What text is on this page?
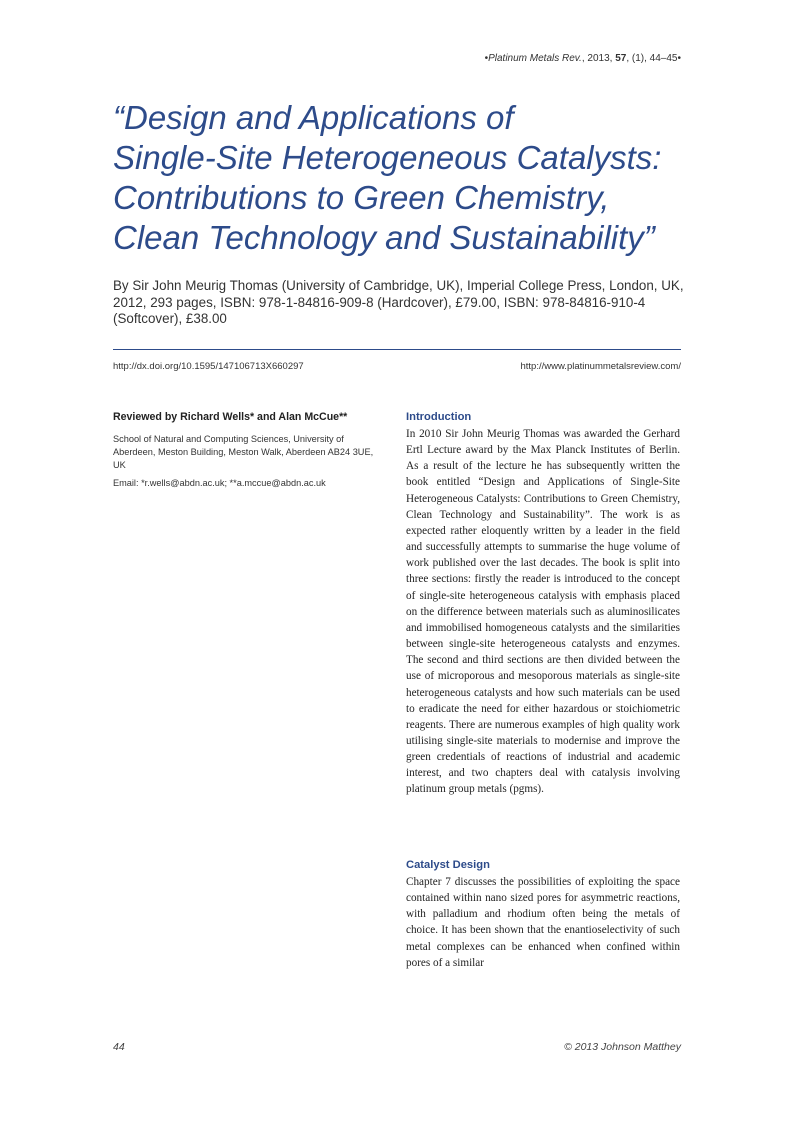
•Platinum Metals Rev., 2013, 57, (1), 44–45•
“Design and Applications of
Single-Site Heterogeneous Catalysts:
Contributions to Green Chemistry,
Clean Technology and Sustainability”

By Sir John Meurig Thomas (University of Cambridge, UK), Imperial College Press, London, UK, 2012, 293 pages, ISBN: 978-1-84816-909-8 (Hardcover), £79.00, ISBN: 978-84816-910-4 (Softcover), £38.00

http://dx.doi.org/10.1595/147106713X660297	http://www.platinummetalsreview.com/
Reviewed by Richard Wells* and Alan McCue**

School of Natural and Computing Sciences, University of Aberdeen, Meston Building, Meston Walk, Aberdeen AB24 3UE, UK

Email: *r.wells@abdn.ac.uk; **a.mccue@abdn.ac.uk

Introduction

In 2010 Sir John Meurig Thomas was awarded the Gerhard Ertl Lecture award by the Max Planck Institutes of Berlin. As a result of the lecture he has subsequently written the book entitled “Design and Applications of Single-Site Heterogeneous Catalysts: Contributions to Green Chemistry, Clean Technology and Sustainability”. The work is as expected rather eloquently written by a leader in the field and successfully attempts to summarise the huge volume of work published over the last decades. The book is split into three sections: firstly the reader is introduced to the concept of single-site heterogeneous catalysis with emphasis placed on the difference between materials such as aluminosilicates and immobilised homogeneous catalysts and the similarities between single-site heterogeneous catalysts and enzymes. The second and third sections are then divided between the use of microporous and mesoporous materials as single-site heterogeneous catalysts and how such materials can be used to eradicate the need for either hazardous or stoichiometric reagents. There are numerous examples of high quality work utilising single-site materials to modernise and improve the green credentials of reactions of industrial and academic interest, and two chapters deal with catalysis involving platinum group metals (pgms).

Catalyst Design

Chapter 7 discusses the possibilities of exploiting the space contained within nano sized pores for asymmetric reactions, with palladium and rhodium often being the metals of choice. It has been shown that the enantioselectivity of such metal complexes can be enhanced when confined within pores of a similar

44	© 2013 Johnson Matthey
